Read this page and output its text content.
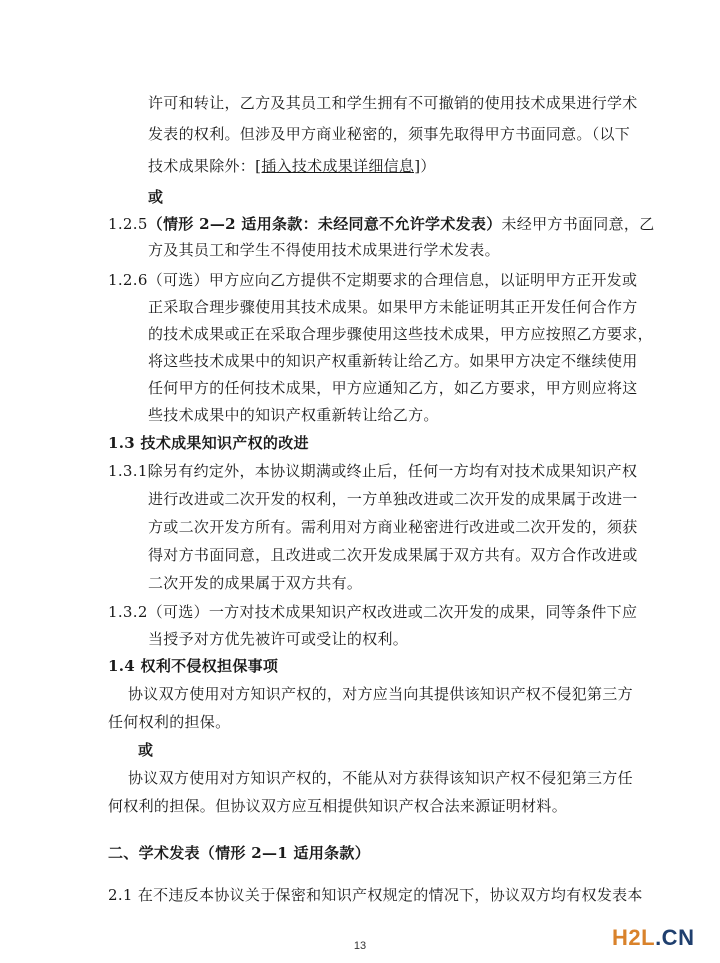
许可和转让，乙方及其员工和学生拥有不可撤销的使用技术成果进行学术
发表的权利。但涉及甲方商业秘密的，须事先取得甲方书面同意。（以下
技术成果除外：[插入技术成果详细信息]）
或
1.2.5（情形 2—2 适用条款：未经同意不允许学术发表）未经甲方书面同意，乙
方及其员工和学生不得使用技术成果进行学术发表。
1.2.6（可选）甲方应向乙方提供不定期要求的合理信息，以证明甲方正开发或
正采取合理步骤使用其技术成果。如果甲方未能证明其正开发任何合作方
的技术成果或正在采取合理步骤使用这些技术成果，甲方应按照乙方要求，
将这些技术成果中的知识产权重新转让给乙方。如果甲方决定不继续使用
任何甲方的任何技术成果，甲方应通知乙方，如乙方要求，甲方则应将这
些技术成果中的知识产权重新转让给乙方。
1.3 技术成果知识产权的改进
1.3.1除另有约定外，本协议期满或终止后，任何一方均有对技术成果知识产权
进行改进或二次开发的权利，一方单独改进或二次开发的成果属于改进一
方或二次开发方所有。需利用对方商业秘密进行改进或二次开发的，须获
得对方书面同意，且改进或二次开发成果属于双方共有。双方合作改进或
二次开发的成果属于双方共有。
1.3.2（可选）一方对技术成果知识产权改进或二次开发的成果，同等条件下应
当授予对方优先被许可或受让的权利。
1.4 权利不侵权担保事项
协议双方使用对方知识产权的，对方应当向其提供该知识产权不侵犯第三方
任何权利的担保。
或
协议双方使用对方知识产权的，不能从对方获得该知识产权不侵犯第三方任
何权利的担保。但协议双方应互相提供知识产权合法来源证明材料。
二、学术发表（情形 2—1 适用条款）
2.1 在不违反本协议关于保密和知识产权规定的情况下，协议双方均有权发表本
13	H2L.CN
